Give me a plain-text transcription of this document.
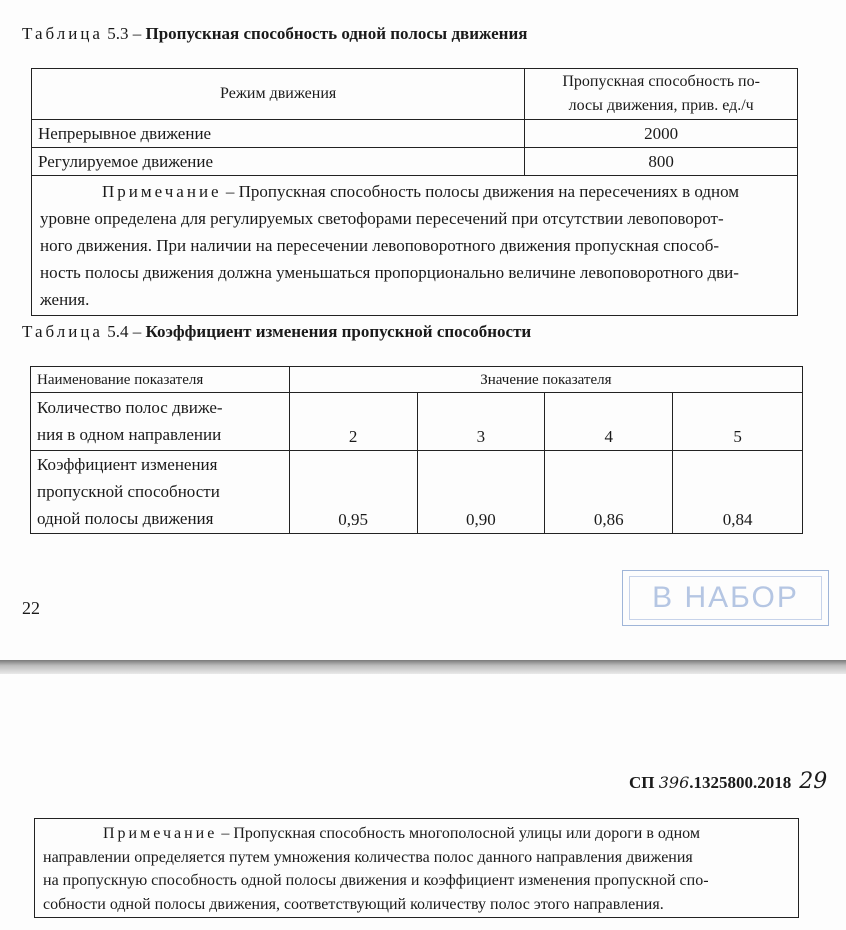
Таблица 5.3 – Пропускная способность одной полосы движения
Режим движения	Пропускная способность по-
лосы движения, прив. ед./ч

Непрерывное движение	2000
Регулируемое движение	800

Примечание – Пропускная способность полосы движения на пересечениях в одном
уровне определена для регулируемых светофорами пересечений при отсутствии левоповорот-
ного движения. При наличии на пересечении левоповоротного движения пропускная способ-
ность полосы движения должна уменьшаться пропорционально величине левоповоротного дви-
жения.	
Таблица 5.4 – Коэффициент изменения пропускной способности
Наименование показателя	Значение показателя			

Количество полос движе-
ния в одном направлении	2	3	4	5

Коэффициент изменения
пропускной способности
одной полосы движения	0,95	0,90	0,86	0,84
22	В НАБОР
СП 396.1325800.2018 29
Примечание – Пропускная способность многополосной улицы или дороги в одном
направлении определяется путем умножения количества полос данного направления движения
на пропускную способность одной полосы движения и коэффициент изменения пропускной спо-
собности одной полосы движения, соответствующий количеству полос этого направления.
